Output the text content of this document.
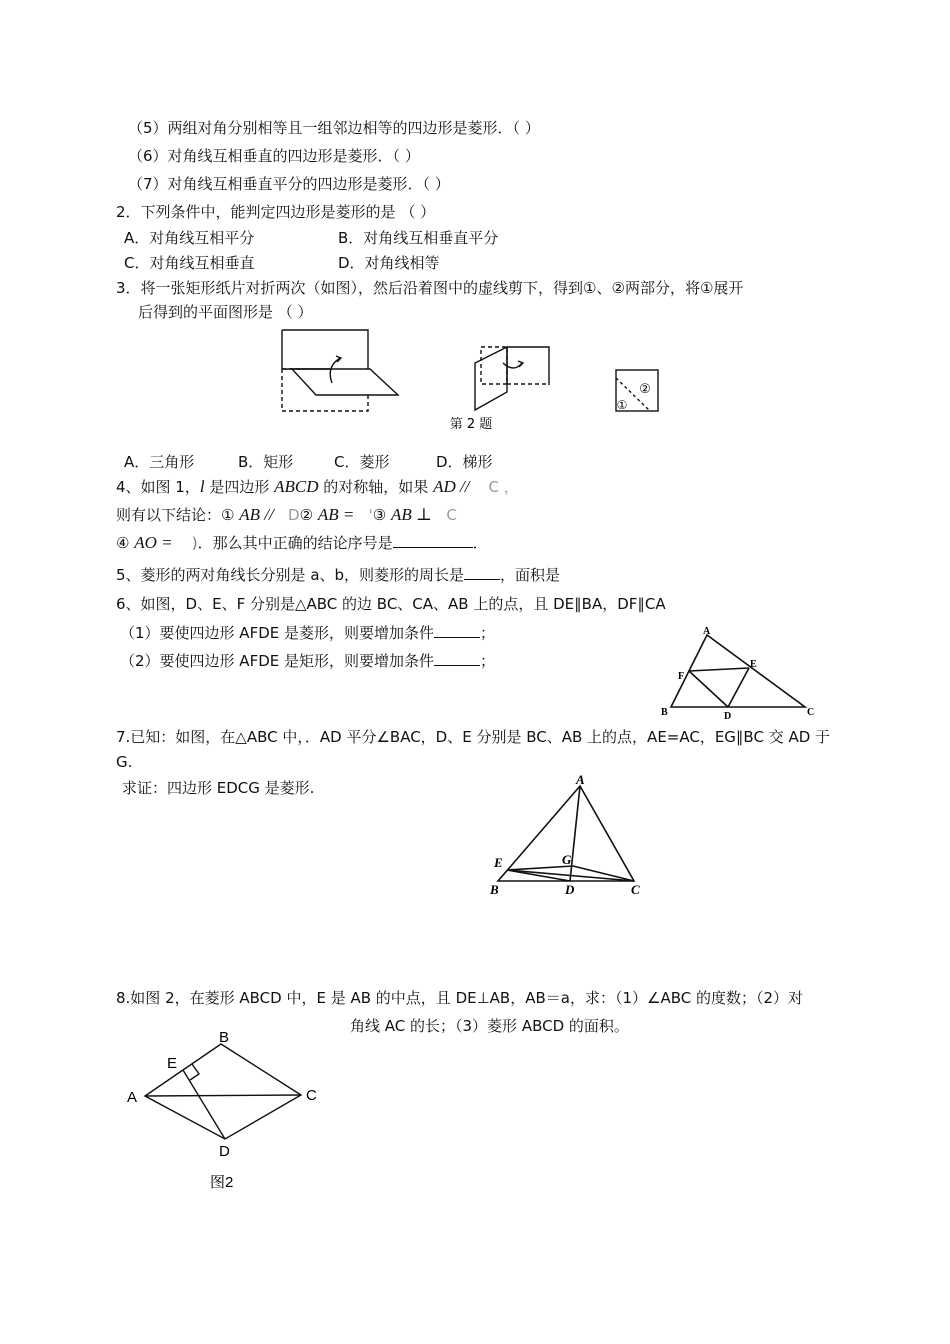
（5）两组对角分别相等且一组邻边相等的四边形是菱形．（ ）
（6）对角线互相垂直的四边形是菱形．（ ）
（7）对角线互相垂直平分的四边形是菱形．（ ）
2．下列条件中，能判定四边形是菱形的是 （ ）
A．对角线互相平分	B．对角线互相垂直平分
C．对角线互相垂直	D．对角线相等
3．将一张矩形纸片对折两次（如图），然后沿着图中的虚线剪下，得到①、②两部分，将①展开
后得到的平面图形是 （ ）
②
①
第 2 题
A．三角形	B．矩形	C．菱形	D．梯形
4、如图 1，l 是四边形 ABCD 的对称轴，如果 AD // C ，
则有以下结论：① AB // D② AB = '③ AB ⊥ C
④ AO = )．那么其中正确的结论序号是	．
5、菱形的两对角线长分别是 a、b，则菱形的周长是 ，面积是
6、如图，D、E、F 分别是△ABC 的边 BC、CA、AB 上的点，且 DE∥BA，DF∥CA
（1）要使四边形 AFDE 是菱形，则要增加条件	；
（2）要使四边形 AFDE 是矩形，则要增加条件	；
A
B	C
D
E
F
7.已知：如图，在△ABC 中，．AD 平分∠BAC，D、E 分别是 BC、AB 上的点，AE=AC，EG∥BC 交 AD 于
G.
求证：四边形 EDCG 是菱形.	A
B	C
D
E	G
8.如图 2，在菱形 ABCD 中，E 是 AB 的中点，且 DE⊥AB，AB＝a，求：（1）∠ABC 的度数；（2）对
角线 AC 的长；（3）菱形 ABCD 的面积。
B
A	C
D
E
图2
